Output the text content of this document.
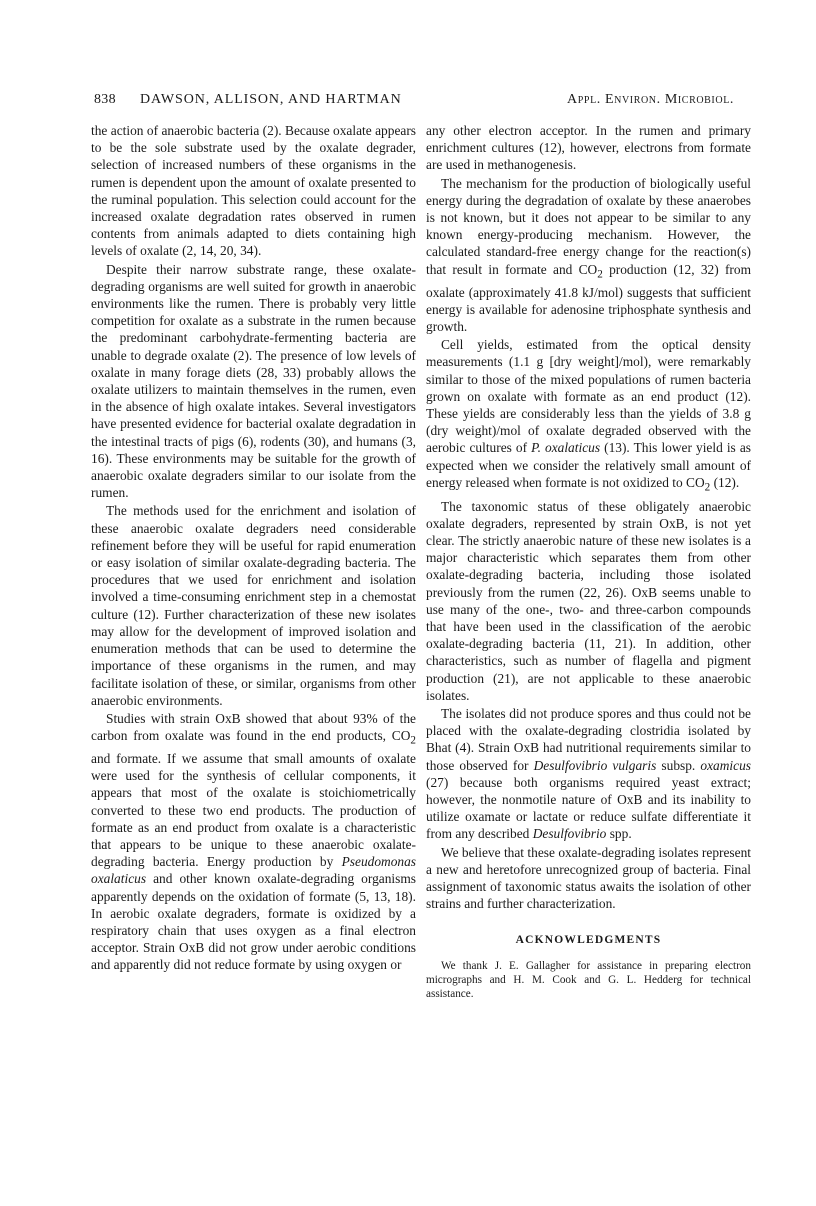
838 DAWSON, ALLISON, AND HARTMAN	Appl. Environ. Microbiol.

the action of anaerobic bacteria (2). Because oxalate appears to be the sole substrate used by the oxalate degrader, selection of increased numbers of these organisms in the rumen is dependent upon the amount of oxalate presented to the ruminal population. This selection could account for the increased oxalate degradation rates observed in rumen contents from animals adapted to diets containing high levels of oxalate (2, 14, 20, 34).

Despite their narrow substrate range, these oxalate-degrading organisms are well suited for growth in anaerobic environments like the rumen. There is probably very little competition for oxalate as a substrate in the rumen because the predominant carbohydrate-fermenting bacteria are unable to degrade oxalate (2). The presence of low levels of oxalate in many forage diets (28, 33) probably allows the oxalate utilizers to maintain themselves in the rumen, even in the absence of high oxalate intakes. Several investigators have presented evidence for bacterial oxalate degradation in the intestinal tracts of pigs (6), rodents (30), and humans (3, 16). These environments may be suitable for the growth of anaerobic oxalate degraders similar to our isolate from the rumen.

The methods used for the enrichment and isolation of these anaerobic oxalate degraders need considerable refinement before they will be useful for rapid enumeration or easy isolation of similar oxalate-degrading bacteria. The procedures that we used for enrichment and isolation involved a time-consuming enrichment step in a chemostat culture (12). Further characterization of these new isolates may allow for the development of improved isolation and enumeration methods that can be used to determine the importance of these organisms in the rumen, and may facilitate isolation of these, or similar, organisms from other anaerobic environments.

Studies with strain OxB showed that about 93% of the carbon from oxalate was found in the end products, $CO_2$ and formate. If we assume that small amounts of oxalate were used for the synthesis of cellular components, it appears that most of the oxalate is stoichiometrically converted to these two end products. The production of formate as an end product from oxalate is a characteristic that appears to be unique to these anaerobic oxalate-degrading bacteria. Energy production by Pseudomonas oxalaticus and other known oxalate-degrading organisms apparently depends on the oxidation of formate (5, 13, 18). In aerobic oxalate degraders, formate is oxidized by a respiratory chain that uses oxygen as a final electron acceptor. Strain OxB did not grow under aerobic conditions and apparently did not reduce formate by using oxygen or

any other electron acceptor. In the rumen and primary enrichment cultures (12), however, electrons from formate are used in methanogenesis.

The mechanism for the production of biologically useful energy during the degradation of oxalate by these anaerobes is not known, but it does not appear to be similar to any known energy-producing mechanism. However, the calculated standard-free energy change for the reaction(s) that result in formate and $CO_2$ production (12, 32) from oxalate (approximately 41.8 kJ/mol) suggests that sufficient energy is available for adenosine triphosphate synthesis and growth.

Cell yields, estimated from the optical density measurements (1.1 g [dry weight]/mol), were remarkably similar to those of the mixed populations of rumen bacteria grown on oxalate with formate as an end product (12). These yields are considerably less than the yields of 3.8 g (dry weight)/mol of oxalate degraded observed with the aerobic cultures of P. oxalaticus (13). This lower yield is as expected when we consider the relatively small amount of energy released when formate is not oxidized to $CO_2$ (12).

The taxonomic status of these obligately anaerobic oxalate degraders, represented by strain OxB, is not yet clear. The strictly anaerobic nature of these new isolates is a major characteristic which separates them from other oxalate-degrading bacteria, including those isolated previously from the rumen (22, 26). OxB seems unable to use many of the one-, two- and three-carbon compounds that have been used in the classification of the aerobic oxalate-degrading bacteria (11, 21). In addition, other characteristics, such as number of flagella and pigment production (21), are not applicable to these anaerobic isolates.

The isolates did not produce spores and thus could not be placed with the oxalate-degrading clostridia isolated by Bhat (4). Strain OxB had nutritional requirements similar to those observed for Desulfovibrio vulgaris subsp. oxamicus (27) because both organisms required yeast extract; however, the nonmotile nature of OxB and its inability to utilize oxamate or lactate or reduce sulfate differentiate it from any described Desulfovibrio spp.

We believe that these oxalate-degrading isolates represent a new and heretofore unrecognized group of bacteria. Final assignment of taxonomic status awaits the isolation of other strains and further characterization.

ACKNOWLEDGMENTS

We thank J. E. Gallagher for assistance in preparing electron micrographs and H. M. Cook and G. L. Hedderg for technical assistance.
